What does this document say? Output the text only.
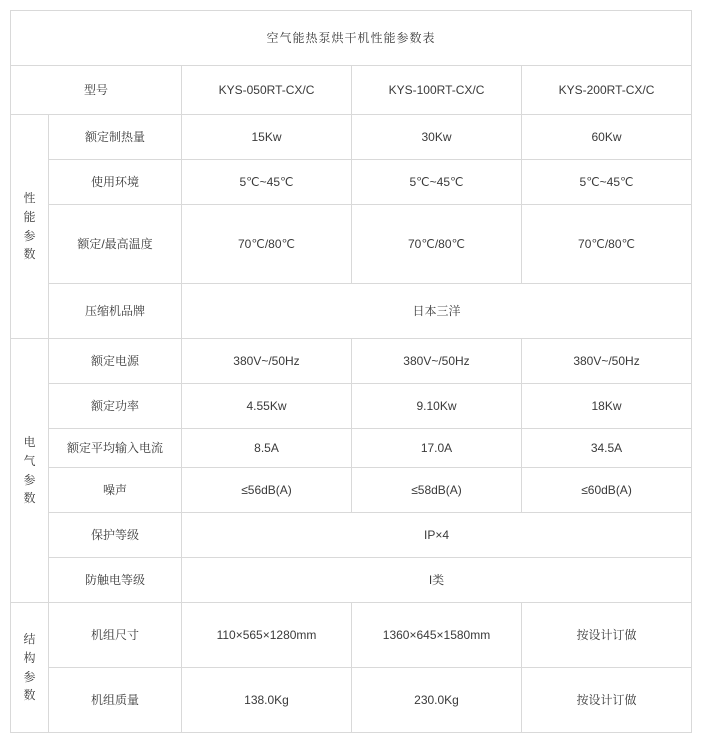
空气能热泵烘干机性能参数表				
型号		KYS-050RT-CX/C	KYS-100RT-CX/C	KYS-200RT-CX/C

性
能
参
数	额定制热量	15Kw	30Kw	60Kw
	使用环境	5℃~45℃	5℃~45℃	5℃~45℃
	额定/最高温度	70℃/80℃	70℃/80℃	70℃/80℃
	压缩机品牌	日本三洋		

电
气
参
数	额定电源	380V~/50Hz	380V~/50Hz	380V~/50Hz
	额定功率	4.55Kw	9.10Kw	18Kw
	额定平均输入电流	8.5A	17.0A	34.5A
	噪声	≤56dB(A)	≤58dB(A)	≤60dB(A)
	保护等级	IP×4		
	防触电等级	I类		

结
构
参
数	机组尺寸	110×565×1280mm	1360×645×1580mm	按设计订做
	机组质量	138.0Kg	230.0Kg	按设计订做
